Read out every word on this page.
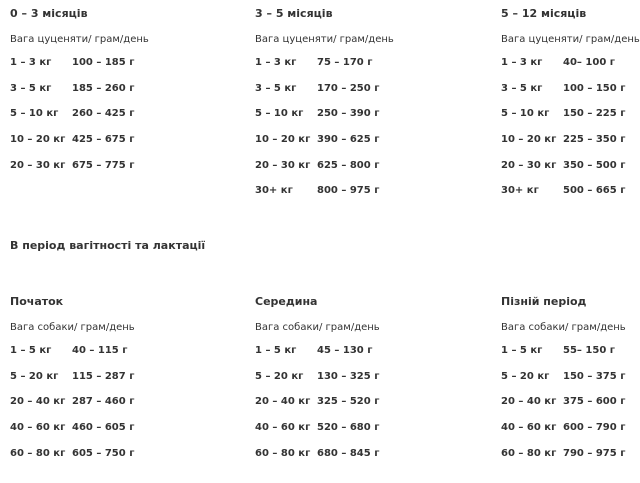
0 – 3 місяців
Вага цуценяти/ грам/день
1 – 3 кг	100 – 185 г
3 – 5 кг	185 – 260 г
5 – 10 кг	260 – 425 г
10 – 20 кг 425 – 675 г
20 – 30 кг 675 – 775 г
3 – 5 місяців
Вага цуценяти/ грам/день
1 – 3 кг	75 – 170 г
3 – 5 кг	170 – 250 г
5 – 10 кг	250 – 390 г
10 – 20 кг 390 – 625 г
20 – 30 кг 625 – 800 г
30+ кг	800 – 975 г
5 – 12 місяців
Вага цуценяти/ грам/день
1 – 3 кг	40– 100 г
3 – 5 кг	100 – 150 г
5 – 10 кг	150 – 225 г
10 – 20 кг 225 – 350 г
20 – 30 кг 350 – 500 г
30+ кг	500 – 665 г
В період вагітності та лактації
Початок
Вага собаки/ грам/день
1 – 5 кг	40 – 115 г
5 – 20 кг	115 – 287 г
20 – 40 кг 287 – 460 г
40 – 60 кг 460 – 605 г
60 – 80 кг 605 – 750 г
Середина
Вага собаки/ грам/день
1 – 5 кг	45 – 130 г
5 – 20 кг	130 – 325 г
20 – 40 кг 325 – 520 г
40 – 60 кг 520 – 680 г
60 – 80 кг 680 – 845 г
Пізній період
Вага собаки/ грам/день
1 – 5 кг	55– 150 г
5 – 20 кг	150 – 375 г
20 – 40 кг 375 – 600 г
40 – 60 кг 600 – 790 г
60 – 80 кг 790 – 975 г
